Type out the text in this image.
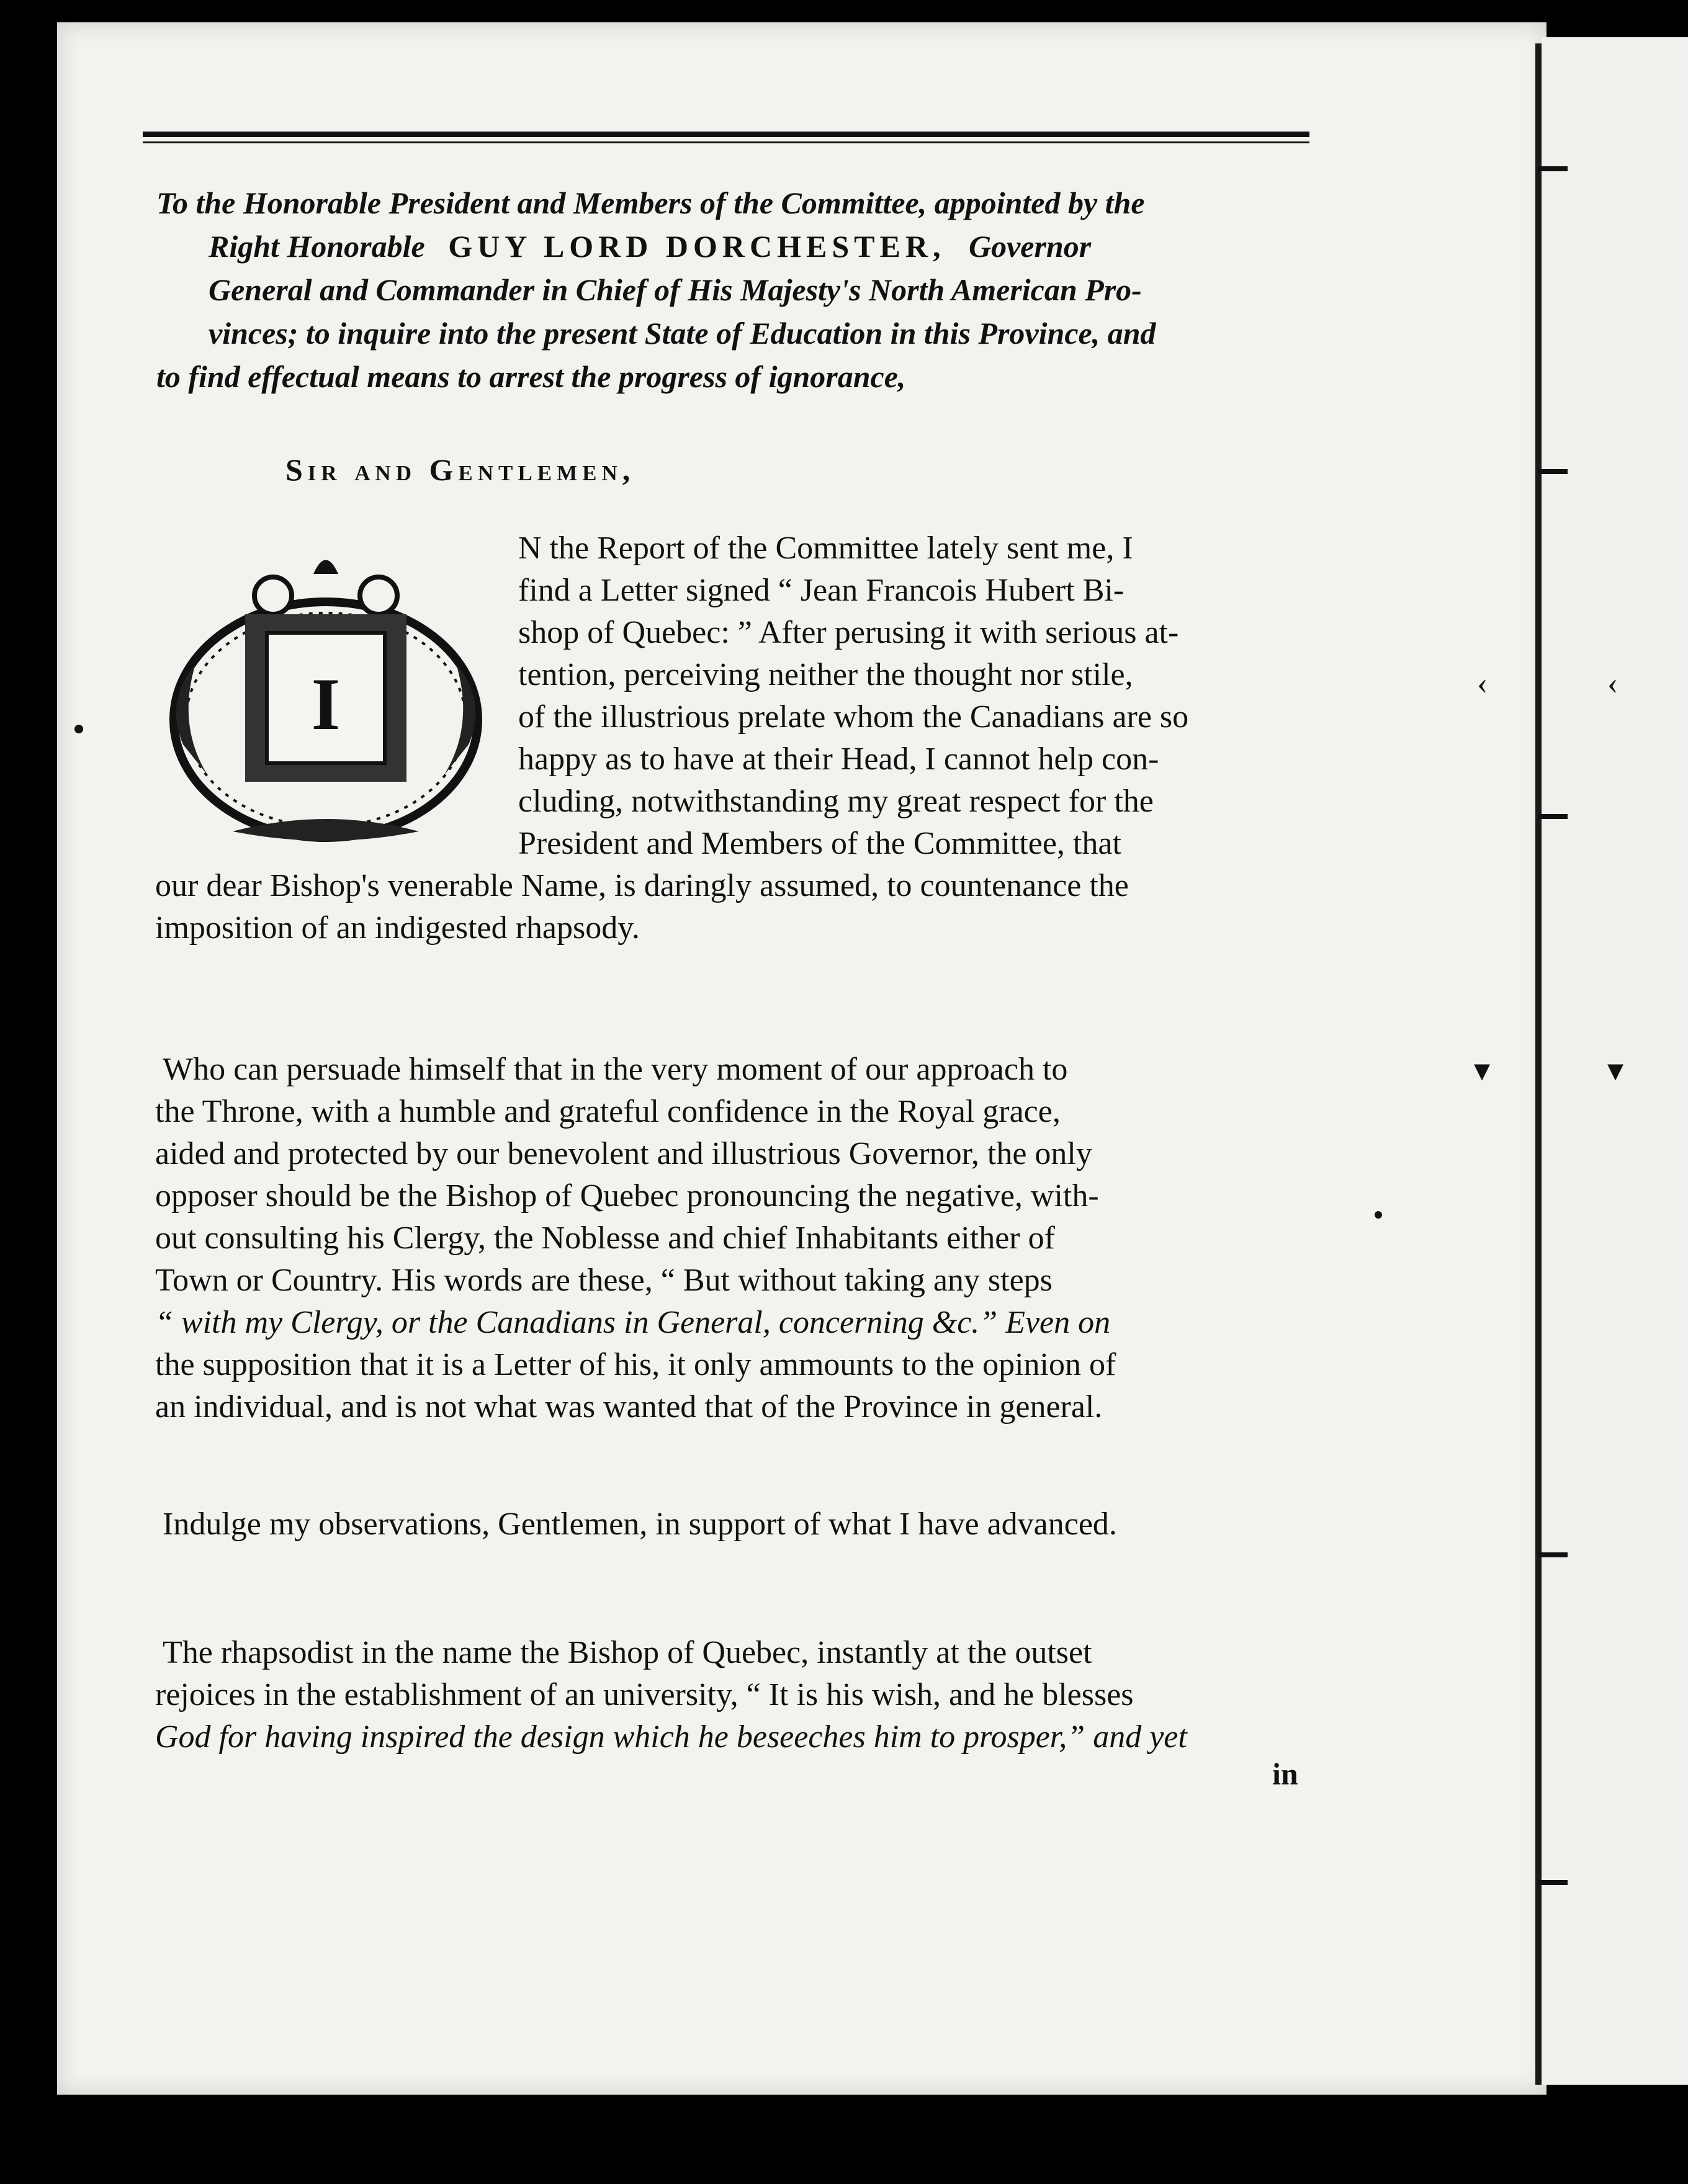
‹	‹
▾	▾
To the Honorable President and Members of the Committee, appointed by the
Right Honorable GUY LORD DORCHESTER, Governor
General and Commander in Chief of His Majesty's North American Pro-
vinces; to inquire into the present State of Education in this Province, and
to find effectual means to arrest the progress of ignorance,
Sir and Gentlemen,
I
N the Report of the Committee lately sent me, I
find a Letter signed “ Jean Francois Hubert Bi-
shop of Quebec: ” After perusing it with serious at-
tention, perceiving neither the thought nor stile,
of the illustrious prelate whom the Canadians are so
happy as to have at their Head, I cannot help con-
cluding, notwithstanding my great respect for the
President and Members of the Committee, that
our dear Bishop's venerable Name, is daringly assumed, to countenance the
imposition of an indigested rhapsody.
Who can persuade himself that in the very moment of our approach to
the Throne, with a humble and grateful confidence in the Royal grace,
aided and protected by our benevolent and illustrious Governor, the only
opposer should be the Bishop of Quebec pronouncing the negative, with-
out consulting his Clergy, the Noblesse and chief Inhabitants either of
Town or Country. His words are these, “ But without taking any steps
“ with my Clergy, or the Canadians in General, concerning &c.” Even on
the supposition that it is a Letter of his, it only ammounts to the opinion of
an individual, and is not what was wanted that of the Province in general.
Indulge my observations, Gentlemen, in support of what I have advanced.
The rhapsodist in the name the Bishop of Quebec, instantly at the outset
rejoices in the establishment of an university, “ It is his wish, and he blesses
God for having inspired the design which he beseeches him to prosper,” and yet
in
